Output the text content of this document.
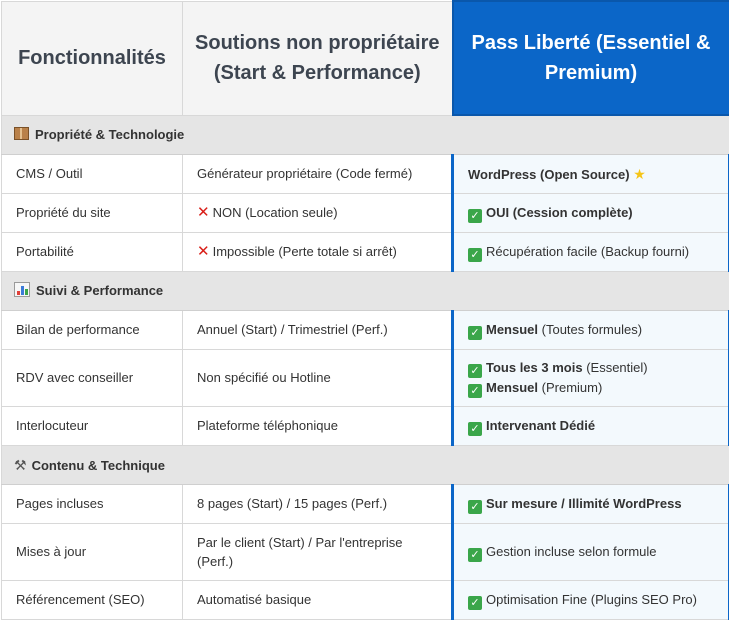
Fonctionnalités	Soutions non propriétaire (Start & Performance)	Pass Liberté (Essentiel & Premium)
Propriété & Technologie		
CMS / Outil	Générateur propriétaire (Code fermé)	WordPress (Open Source) ★
Propriété du site	✕ NON (Location seule)	✓ OUI (Cession complète)
Portabilité	✕ Impossible (Perte totale si arrêt)	✓ Récupération facile (Backup fourni)

Suivi & Performance		
Bilan de performance	Annuel (Start) / Trimestriel (Perf.)	✓ Mensuel (Toutes formules)
RDV avec conseiller	Non spécifié ou Hotline	✓ Tous les 3 mois (Essentiel)
✓ Mensuel (Premium)

Interlocuteur	Plateforme téléphonique	✓ Intervenant Dédié
⚒ Contenu & Technique		
Pages incluses	8 pages (Start) / 15 pages (Perf.)	✓ Sur mesure / Illimité WordPress
Mises à jour	Par le client (Start) / Par l'entreprise (Perf.)	✓ Gestion incluse selon formule
Référencement (SEO)	Automatisé basique	✓ Optimisation Fine (Plugins SEO Pro)
